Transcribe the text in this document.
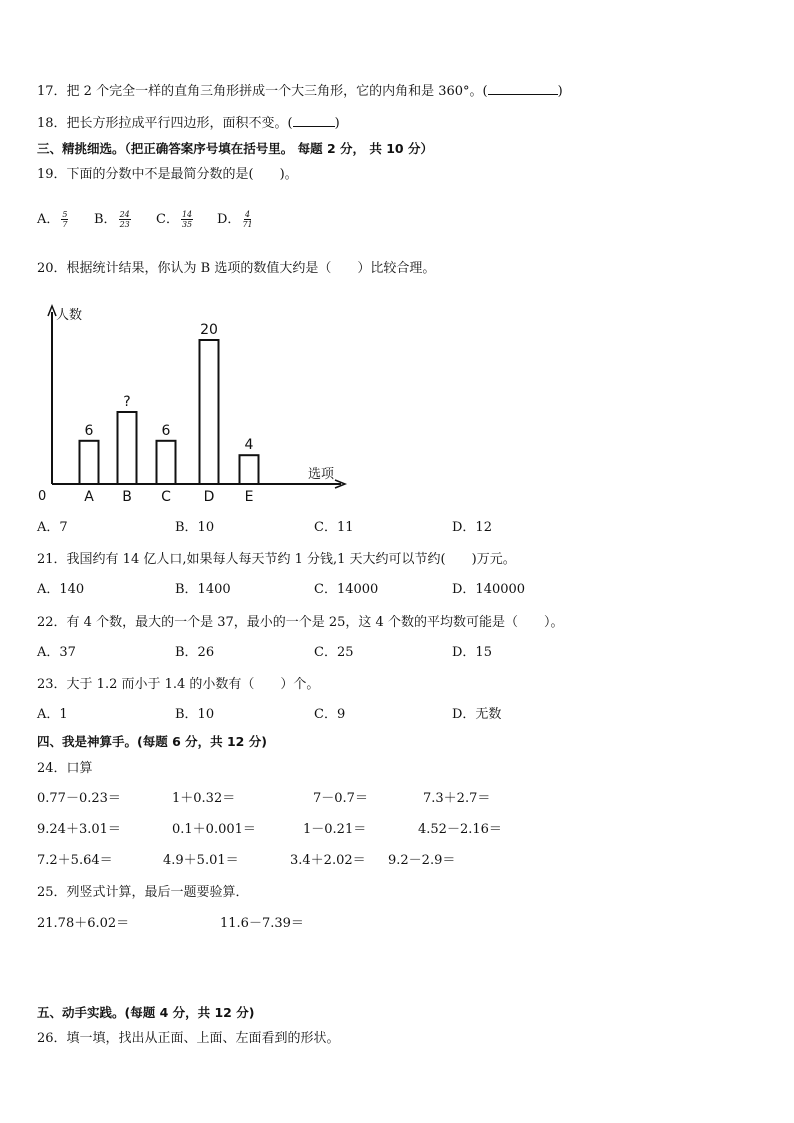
17．把 2 个完全一样的直角三角形拼成一个大三角形，它的内角和是 360°。(	)
18．把长方形拉成平行四边形，面积不变。(	)
三、精挑细选。（把正确答案序号填在括号里。 每题 2 分， 共 10 分）
19．下面的分数中不是最简分数的是(　　)。
A． $\frac{5}{7}$ B． $\frac{24}{23}$ C． $\frac{14}{35}$ D． $\frac{4}{71}$
20．根据统计结果，你认为 B 选项的数值大约是（　　）比较合理。
人数
选项
0
6
A
?
B
6
C
20
D
4
E
A．7	B．10	C．11	D．12
21．我国约有 14 亿人口,如果每人每天节约 1 分钱,1 天大约可以节约(　　)万元。
A．140	B．1400	C．14000	D．140000
22．有 4 个数，最大的一个是 37，最小的一个是 25，这 4 个数的平均数可能是（　　）。
A．37	B．26	C．25	D．15
23．大于 1.2 而小于 1.4 的小数有（　　）个。
A．1	B．10	C．9	D．无数
四、我是神算手。(每题 6 分，共 12 分)
24．口算
0.77－0.23＝	1＋0.32＝	7－0.7＝	7.3＋2.7＝
9.24＋3.01＝	0.1＋0.001＝	1－0.21＝	4.52－2.16＝
7.2＋5.64＝	4.9＋5.01＝	3.4＋2.02＝ 9.2－2.9＝
25．列竖式计算，最后一题要验算．
21.78＋6.02＝	11.6－7.39＝
五、动手实践。(每题 4 分，共 12 分)
26．填一填，找出从正面、上面、左面看到的形状。
